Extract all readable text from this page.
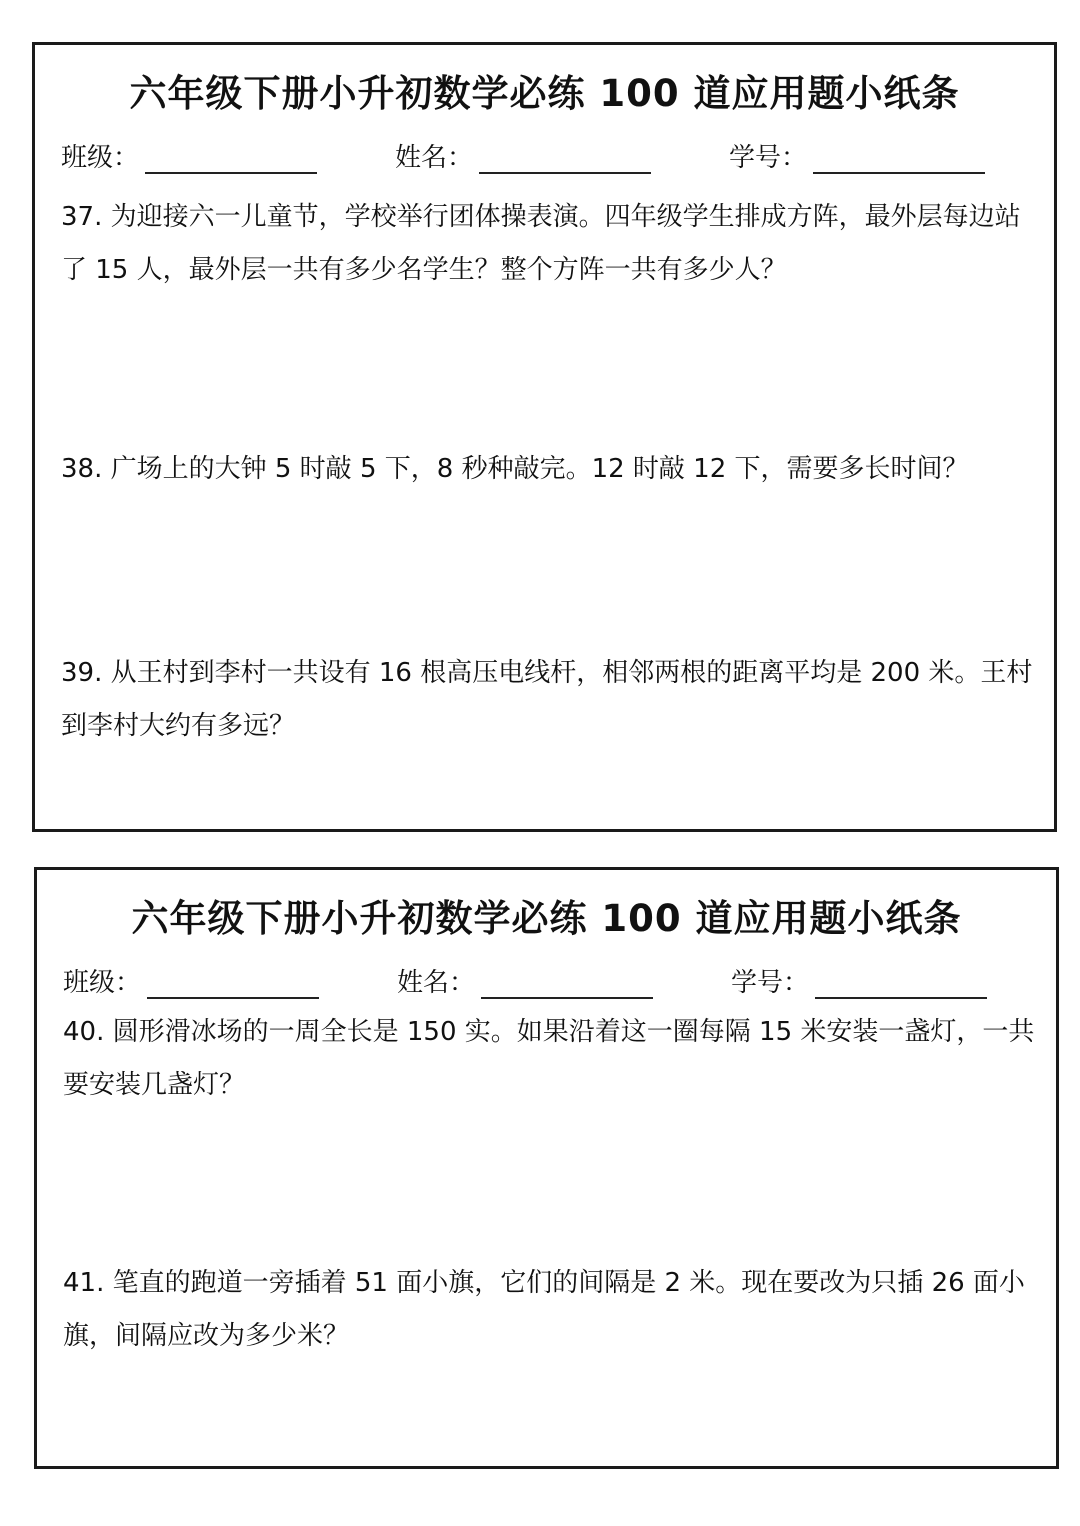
六年级下册小升初数学必练 100 道应用题小纸条
班级：	姓名：	学号：

37. 为迎接六一儿童节，学校举行团体操表演。四年级学生排成方阵，最外层每边站了 15 人，最外层一共有多少名学生？整个方阵一共有多少人？

38. 广场上的大钟 5 时敲 5 下，8 秒种敲完。12 时敲 12 下，需要多长时间？

39. 从王村到李村一共设有 16 根高压电线杆，相邻两根的距离平均是 200 米。王村到李村大约有多远？

六年级下册小升初数学必练 100 道应用题小纸条
班级：	姓名：	学号：

40. 圆形滑冰场的一周全长是 150 实。如果沿着这一圈每隔 15 米安装一盏灯，一共要安装几盏灯？

41. 笔直的跑道一旁插着 51 面小旗，它们的间隔是 2 米。现在要改为只插 26 面小旗，间隔应改为多少米？
